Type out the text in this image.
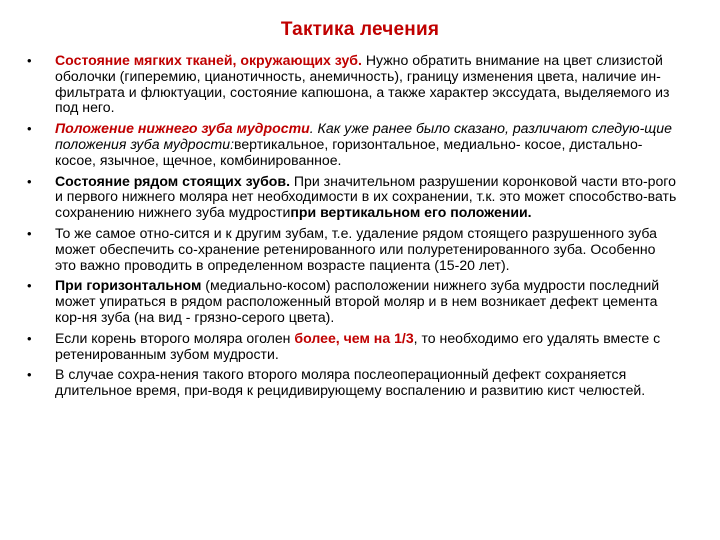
Тактика лечения
• Состояние мягких тканей, окружающих зуб. Нужно обратить внимание на цвет слизистой оболочки (гиперемию, цианотичность, анемичность), границу изменения цвета, наличие ин-фильтрата и флюктуации, состояние капюшона, а также характер экссудата, выделяемого из под него.
• Положение нижнего зуба мудрости. Как уже ранее было сказано, различают следую-щие положения зуба мудрости:вертикальное, горизонтальное, медиально- косое, дистально- косое, язычное, щечное, комбинированное.
• Состояние рядом стоящих зубов. При значительном разрушении коронковой части вто-рого и первого нижнего моляра нет необходимости в их сохранении, т.к. это может способство-вать сохранению нижнего зуба мудростипри вертикальном его положении.
• То же самое отно-сится и к другим зубам, т.е. удаление рядом стоящего разрушенного зуба может обеспечить со-хранение ретенированного или полуретенированного зуба. Особенно это важно проводить в определенном возрасте пациента (15-20 лет).
• При горизонтальном (медиально-косом) расположении нижнего зуба мудрости последний может упираться в рядом расположенный второй моляр и в нем возникает дефект цемента кор-ня зуба (на вид - грязно-серого цвета).
• Если корень второго моляра оголен более, чем на 1/3, то необходимо его удалять вместе с ретенированным зубом мудрости.
• В случае сохра-нения такого второго моляра послеоперационный дефект сохраняется длительное время, при-водя к рецидивирующему воспалению и развитию кист челюстей.
